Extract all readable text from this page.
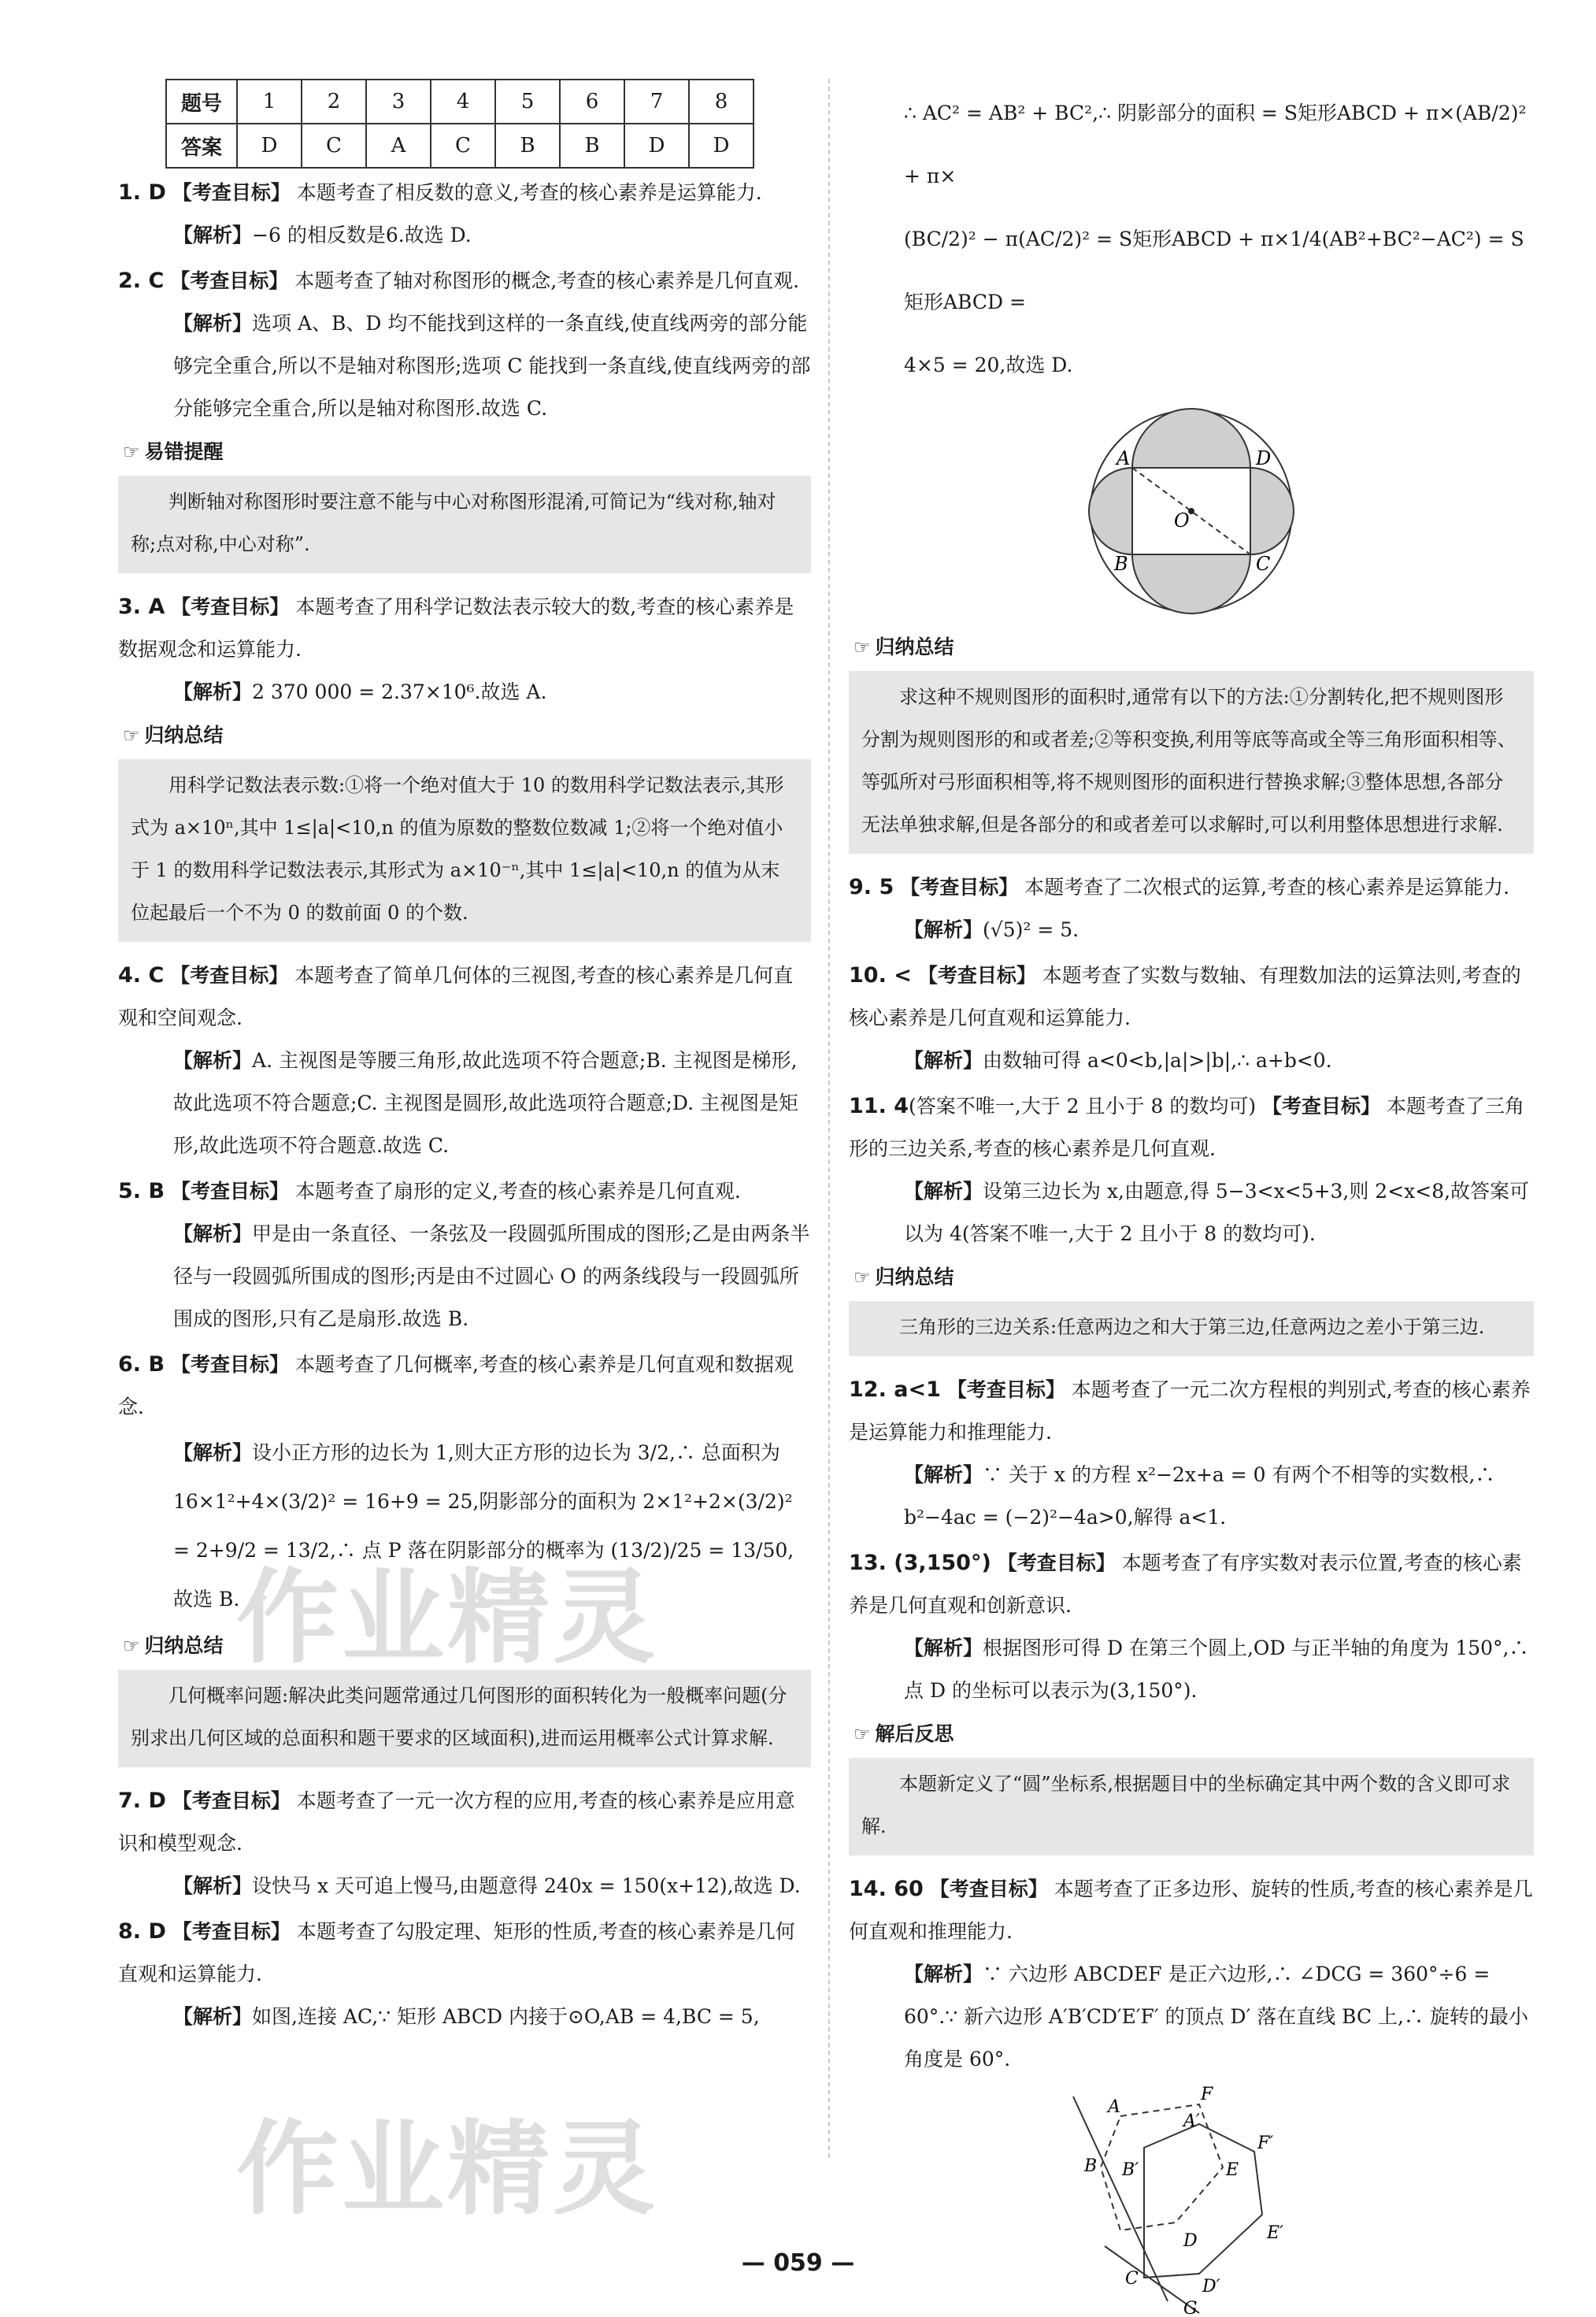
题号	1	2	3	4	5	6	7	8
答案	D	C	A	C	B	B	D	D
1. D 【考查目标】 本题考查了相反数的意义,考查的核心素养是运算能力.
【解析】−6 的相反数是6.故选 D.
2. C 【考查目标】 本题考查了轴对称图形的概念,考查的核心素养是几何直观.
【解析】选项 A、B、D 均不能找到这样的一条直线,使直线两旁的部分能够完全重合,所以不是轴对称图形;选项 C 能找到一条直线,使直线两旁的部分能够完全重合,所以是轴对称图形.故选 C.
☞ 易错提醒
判断轴对称图形时要注意不能与中心对称图形混淆,可简记为“线对称,轴对称;点对称,中心对称”.
3. A 【考查目标】 本题考查了用科学记数法表示较大的数,考查的核心素养是数据观念和运算能力.
【解析】2 370 000 = 2.37×10⁶.故选 A.
☞ 归纳总结
用科学记数法表示数:①将一个绝对值大于 10 的数用科学记数法表示,其形式为 a×10ⁿ,其中 1≤|a|<10,n 的值为原数的整数位数减 1;②将一个绝对值小于 1 的数用科学记数法表示,其形式为 a×10⁻ⁿ,其中 1≤|a|<10,n 的值为从末位起最后一个不为 0 的数前面 0 的个数.
4. C 【考查目标】 本题考查了简单几何体的三视图,考查的核心素养是几何直观和空间观念.
【解析】A. 主视图是等腰三角形,故此选项不符合题意;B. 主视图是梯形,故此选项不符合题意;C. 主视图是圆形,故此选项符合题意;D. 主视图是矩形,故此选项不符合题意.故选 C.
5. B 【考查目标】 本题考查了扇形的定义,考查的核心素养是几何直观.
【解析】甲是由一条直径、一条弦及一段圆弧所围成的图形;乙是由两条半径与一段圆弧所围成的图形;丙是由不过圆心 O 的两条线段与一段圆弧所围成的图形,只有乙是扇形.故选 B.
6. B 【考查目标】 本题考查了几何概率,考查的核心素养是几何直观和数据观念.
【解析】设小正方形的边长为 1,则大正方形的边长为 3/2,∴ 总面积为 16×1²+4×(3/2)² = 16+9 = 25,阴影部分的面积为 2×1²+2×(3/2)² = 2+9/2 = 13/2,∴ 点 P 落在阴影部分的概率为 (13/2)/25 = 13/50,故选 B.
☞ 归纳总结
几何概率问题:解决此类问题常通过几何图形的面积转化为一般概率问题(分别求出几何区域的总面积和题干要求的区域面积),进而运用概率公式计算求解.
7. D 【考查目标】 本题考查了一元一次方程的应用,考查的核心素养是应用意识和模型观念.
【解析】设快马 x 天可追上慢马,由题意得 240x = 150(x+12),故选 D.
8. D 【考查目标】 本题考查了勾股定理、矩形的性质,考查的核心素养是几何直观和运算能力.
【解析】如图,连接 AC,∵ 矩形 ABCD 内接于⊙O,AB = 4,BC = 5,
∴ AC² = AB² + BC²,∴ 阴影部分的面积 = S矩形ABCD + π×(AB/2)² + π×
(BC/2)² − π(AC/2)² = S矩形ABCD + π×1/4(AB²+BC²−AC²) = S矩形ABCD =
4×5 = 20,故选 D.
A	D
B	C
O
☞ 归纳总结
求这种不规则图形的面积时,通常有以下的方法:①分割转化,把不规则图形分割为规则图形的和或者差;②等积变换,利用等底等高或全等三角形面积相等、等弧所对弓形面积相等,将不规则图形的面积进行替换求解;③整体思想,各部分无法单独求解,但是各部分的和或者差可以求解时,可以利用整体思想进行求解.
9. 5 【考查目标】 本题考查了二次根式的运算,考查的核心素养是运算能力.
【解析】(√5)² = 5.
10. < 【考查目标】 本题考查了实数与数轴、有理数加法的运算法则,考查的核心素养是几何直观和运算能力.
【解析】由数轴可得 a<0<b,|a|>|b|,∴ a+b<0.
11. 4(答案不唯一,大于 2 且小于 8 的数均可) 【考查目标】 本题考查了三角形的三边关系,考查的核心素养是几何直观.
【解析】设第三边长为 x,由题意,得 5−3<x<5+3,则 2<x<8,故答案可以为 4(答案不唯一,大于 2 且小于 8 的数均可).
☞ 归纳总结
三角形的三边关系:任意两边之和大于第三边,任意两边之差小于第三边.
12. a<1 【考查目标】 本题考查了一元二次方程根的判别式,考查的核心素养是运算能力和推理能力.
【解析】∵ 关于 x 的方程 x²−2x+a = 0 有两个不相等的实数根,∴ b²−4ac = (−2)²−4a>0,解得 a<1.
13. (3,150°) 【考查目标】 本题考查了有序实数对表示位置,考查的核心素养是几何直观和创新意识.
【解析】根据图形可得 D 在第三个圆上,OD 与正半轴的角度为 150°,∴ 点 D 的坐标可以表示为(3,150°).
☞ 解后反思
本题新定义了“圆”坐标系,根据题目中的坐标确定其中两个数的含义即可求解.
14. 60 【考查目标】 本题考查了正多边形、旋转的性质,考查的核心素养是几何直观和推理能力.
【解析】∵ 六边形 ABCDEF 是正六边形,∴ ∠DCG = 360°÷6 = 60°.∵ 新六边形 A′B′CD′E′F′ 的顶点 D′ 落在直线 BC 上,∴ 旋转的最小角度是 60°.
A
F
A′
F′
B B′	E
C
D	E′
G
D′
作业精灵
作业精灵
— 059 —
